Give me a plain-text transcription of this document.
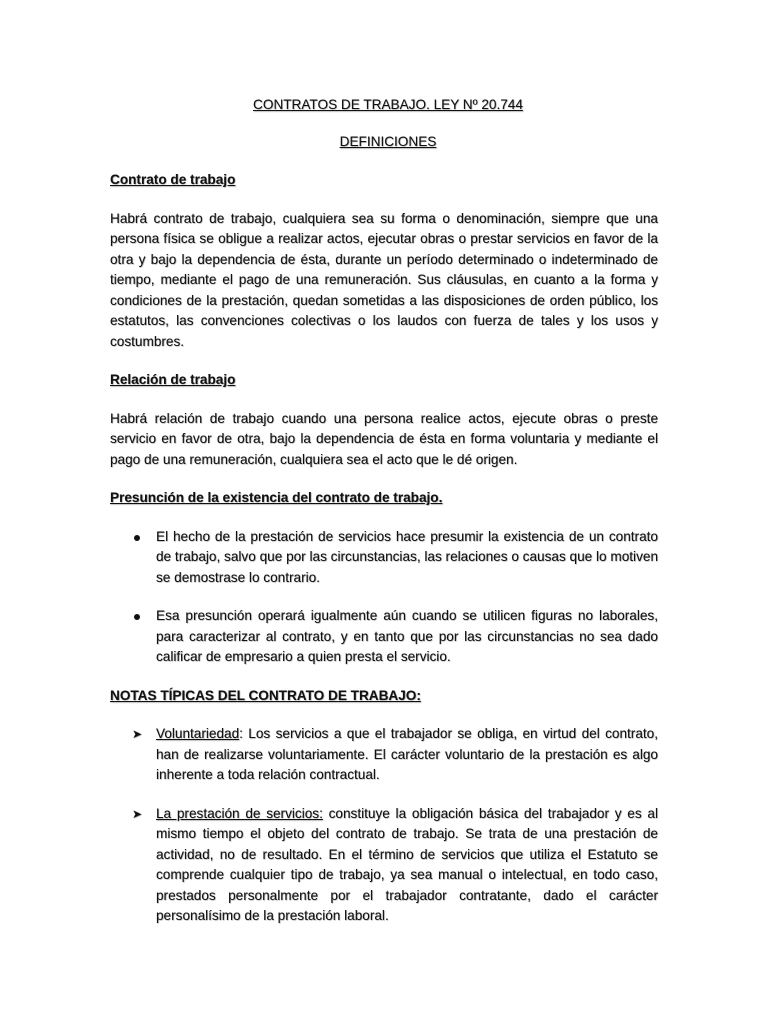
CONTRATOS DE TRABAJO. LEY Nº 20.744
DEFINICIONES
Contrato de trabajo

Habrá contrato de trabajo, cualquiera sea su forma o denominación, siempre que una persona física se obligue a realizar actos, ejecutar obras o prestar servicios en favor de la otra y bajo la dependencia de ésta, durante un período determinado o indeterminado de tiempo, mediante el pago de una remuneración. Sus cláusulas, en cuanto a la forma y condiciones de la prestación, quedan sometidas a las disposiciones de orden público, los estatutos, las convenciones colectivas o los laudos con fuerza de tales y los usos y costumbres.

Relación de trabajo

Habrá relación de trabajo cuando una persona realice actos, ejecute obras o preste servicio en favor de otra, bajo la dependencia de ésta en forma voluntaria y mediante el pago de una remuneración, cualquiera sea el acto que le dé origen.

Presunción de la existencia del contrato de trabajo.
El hecho de la prestación de servicios hace presumir la existencia de un contrato de trabajo, salvo que por las circunstancias, las relaciones o causas que lo motiven se demostrase lo contrario.
Esa presunción operará igualmente aún cuando se utilicen figuras no laborales, para caracterizar al contrato, y en tanto que por las circunstancias no sea dado calificar de empresario a quien presta el servicio.
NOTAS TÍPICAS DEL CONTRATO DE TRABAJO:
➤ Voluntariedad: Los servicios a que el trabajador se obliga, en virtud del contrato, han de realizarse voluntariamente. El carácter voluntario de la prestación es algo inherente a toda relación contractual.
➤ La prestación de servicios: constituye la obligación básica del trabajador y es al mismo tiempo el objeto del contrato de trabajo. Se trata de una prestación de actividad, no de resultado. En el término de servicios que utiliza el Estatuto se comprende cualquier tipo de trabajo, ya sea manual o intelectual, en todo caso, prestados personalmente por el trabajador contratante, dado el carácter personalísimo de la prestación laboral.
